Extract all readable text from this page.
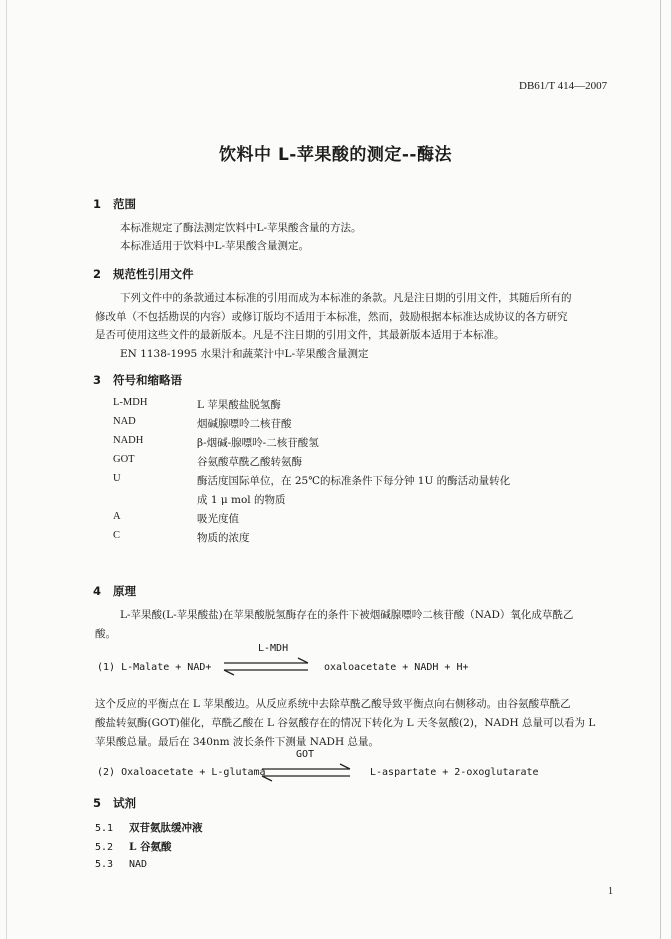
DB61/T 414—2007
饮料中 L-苹果酸的测定--酶法
1 范围
本标准规定了酶法测定饮料中L-苹果酸含量的方法。
本标准适用于饮料中L-苹果酸含量测定。
2 规范性引用文件
下列文件中的条款通过本标准的引用而成为本标准的条款。凡是注日期的引用文件，其随后所有的
修改单（不包括勘误的内容）或修订版均不适用于本标准，然而，鼓励根据本标准达成协议的各方研究
是否可使用这些文件的最新版本。凡是不注日期的引用文件，其最新版本适用于本标准。
EN 1138-1995 水果汁和蔬菜汁中L-苹果酸含量测定
3 符号和缩略语
L-MDH	L 苹果酸盐脱氢酶
NAD	烟碱腺嘌呤二核苷酸
NADH	β-烟碱-腺嘌呤-二核苷酸氢
GOT	谷氨酸草酰乙酸转氨酶
U	酶活度国际单位，在 25℃的标准条件下每分钟 1U 的酶活动量转化
成 1 μ mol 的物质
A	吸光度值
C	物质的浓度
4 原理
L-苹果酸(L-苹果酸盐)在苹果酸脱氢酶存在的条件下被烟碱腺嘌呤二核苷酸（NAD）氧化成草酰乙
酸。
L-MDH
(1) L-Malate + NAD+	oxaloacetate + NADH + H+
这个反应的平衡点在 L 苹果酸边。从反应系统中去除草酰乙酸导致平衡点向右侧移动。由谷氨酸草酰乙
酸盐转氨酶(GOT)催化，草酰乙酸在 L 谷氨酸存在的情况下转化为 L 天冬氨酸(2)，NADH 总量可以看为 L
苹果酸总量。最后在 340nm 波长条件下测量 NADH 总量。
GOT
(2) Oxaloacetate + L-glutama	L-aspartate + 2-oxoglutarate
5 试剂
5.1 双苷氨肽缓冲液
5.2 L 谷氨酸
5.3 NAD
1
